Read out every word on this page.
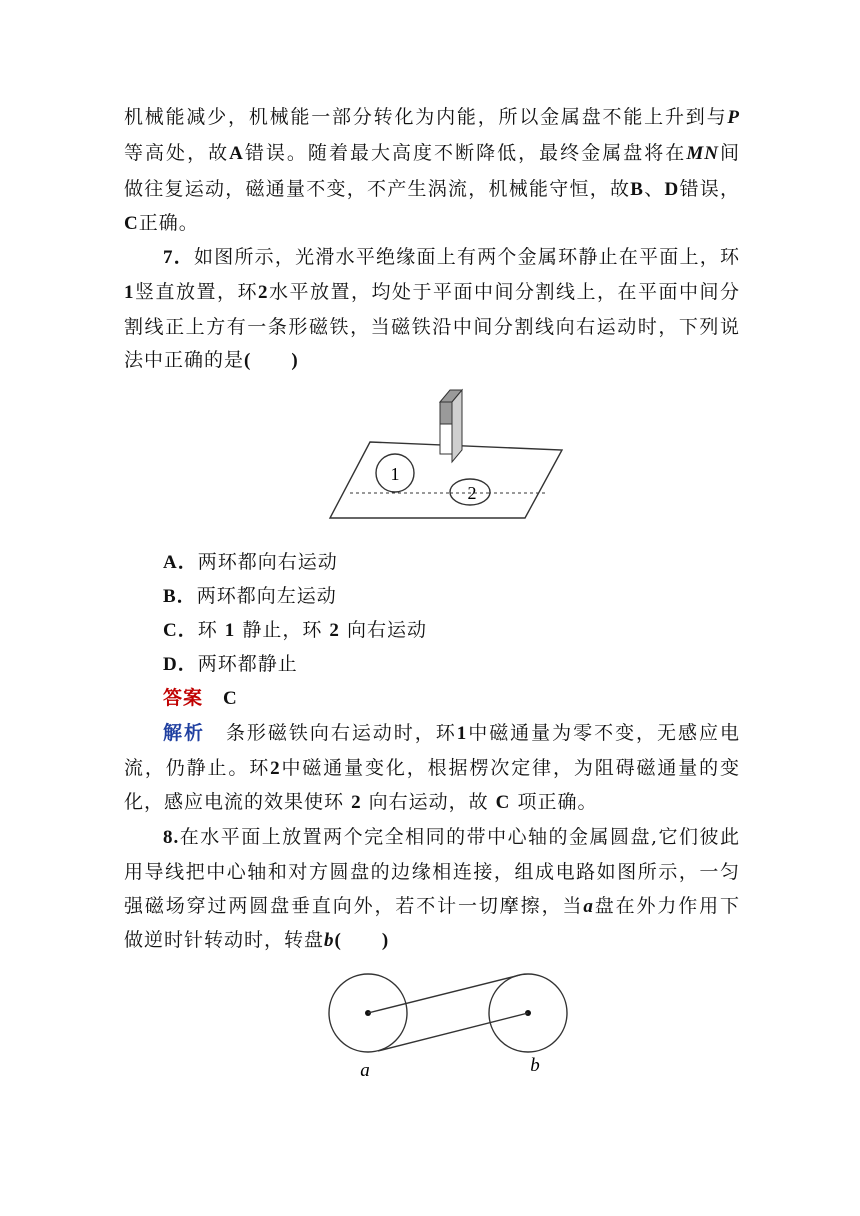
机械能减少，机械能一部分转化为内能，所以金属盘不能上升到与P
等高处，故A错误。随着最大高度不断降低，最终金属盘将在MN间
做往复运动，磁通量不变，不产生涡流，机械能守恒，故B、D错误，
C正确。
7．如图所示，光滑水平绝缘面上有两个金属环静止在平面上，环
1竖直放置，环2水平放置，均处于平面中间分割线上，在平面中间分
割线正上方有一条形磁铁，当磁铁沿中间分割线向右运动时，下列说
法中正确的是(　　)
1
2
A．两环都向右运动
B．两环都向左运动
C．环 1 静止，环 2 向右运动
D．两环都静止
答案　 C
解析　 条形磁铁向右运动时，环1中磁通量为零不变，无感应电
流，仍静止。环2中磁通量变化，根据楞次定律，为阻碍磁通量的变
化，感应电流的效果使环 2 向右运动，故 C 项正确。
8.在水平面上放置两个完全相同的带中心轴的金属圆盘,它们彼此
用导线把中心轴和对方圆盘的边缘相连接，组成电路如图所示，一匀
强磁场穿过两圆盘垂直向外，若不计一切摩擦，当a盘在外力作用下
做逆时针转动时，转盘b(　　)
a	b
